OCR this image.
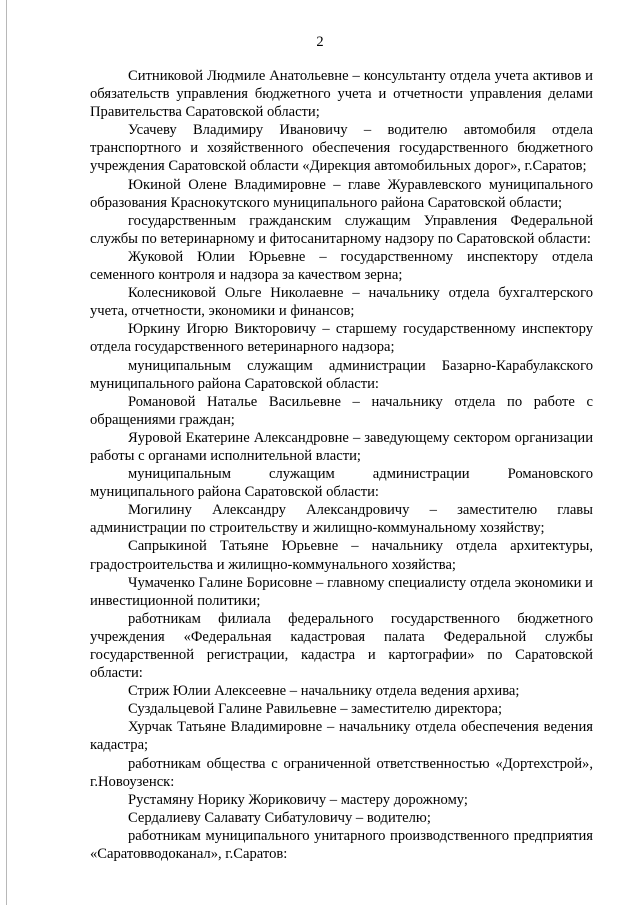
2

Ситниковой Людмиле Анатольевне – консультанту отдела учета активов и обязательств управления бюджетного учета и отчетности управления делами Правительства Саратовской области;

Усачеву Владимиру Ивановичу – водителю автомобиля отдела транспортного и хозяйственного обеспечения государственного бюджетного учреждения Саратовской области «Дирекция автомобильных дорог», г.Саратов;

Юкиной Олене Владимировне – главе Журавлевского муниципального образования Краснокутского муниципального района Саратовской области;

государственным гражданским служащим Управления Федеральной службы по ветеринарному и фитосанитарному надзору по Саратовской области:

Жуковой Юлии Юрьевне – государственному инспектору отдела семенного контроля и надзора за качеством зерна;

Колесниковой Ольге Николаевне – начальнику отдела бухгалтерского учета, отчетности, экономики и финансов;

Юркину Игорю Викторовичу – старшему государственному инспектору отдела государственного ветеринарного надзора;

муниципальным служащим администрации Базарно-Карабулакского муниципального района Саратовской области:

Романовой Наталье Васильевне – начальнику отдела по работе с обращениями граждан;

Яуровой Екатерине Александровне – заведующему сектором организации работы с органами исполнительной власти;

муниципальным служащим администрации Романовского муниципального района Саратовской области:

Могилину Александру Александровичу – заместителю главы администрации по строительству и жилищно-коммунальному хозяйству;

Сапрыкиной Татьяне Юрьевне – начальнику отдела архитектуры, градостроительства и жилищно-коммунального хозяйства;

Чумаченко Галине Борисовне – главному специалисту отдела экономики и инвестиционной политики;

работникам филиала федерального государственного бюджетного учреждения «Федеральная кадастровая палата Федеральной службы государственной регистрации, кадастра и картографии» по Саратовской области:

Стриж Юлии Алексеевне – начальнику отдела ведения архива;

Суздальцевой Галине Равильевне – заместителю директора;

Хурчак Татьяне Владимировне – начальнику отдела обеспечения ведения кадастра;

работникам общества с ограниченной ответственностью «Дортехстрой», г.Новоузенск:

Рустамяну Норику Жориковичу – мастеру дорожному;

Сердалиеву Салавату Сибатуловичу – водителю;

работникам муниципального унитарного производственного предприятия «Саратовводоканал», г.Саратов:
